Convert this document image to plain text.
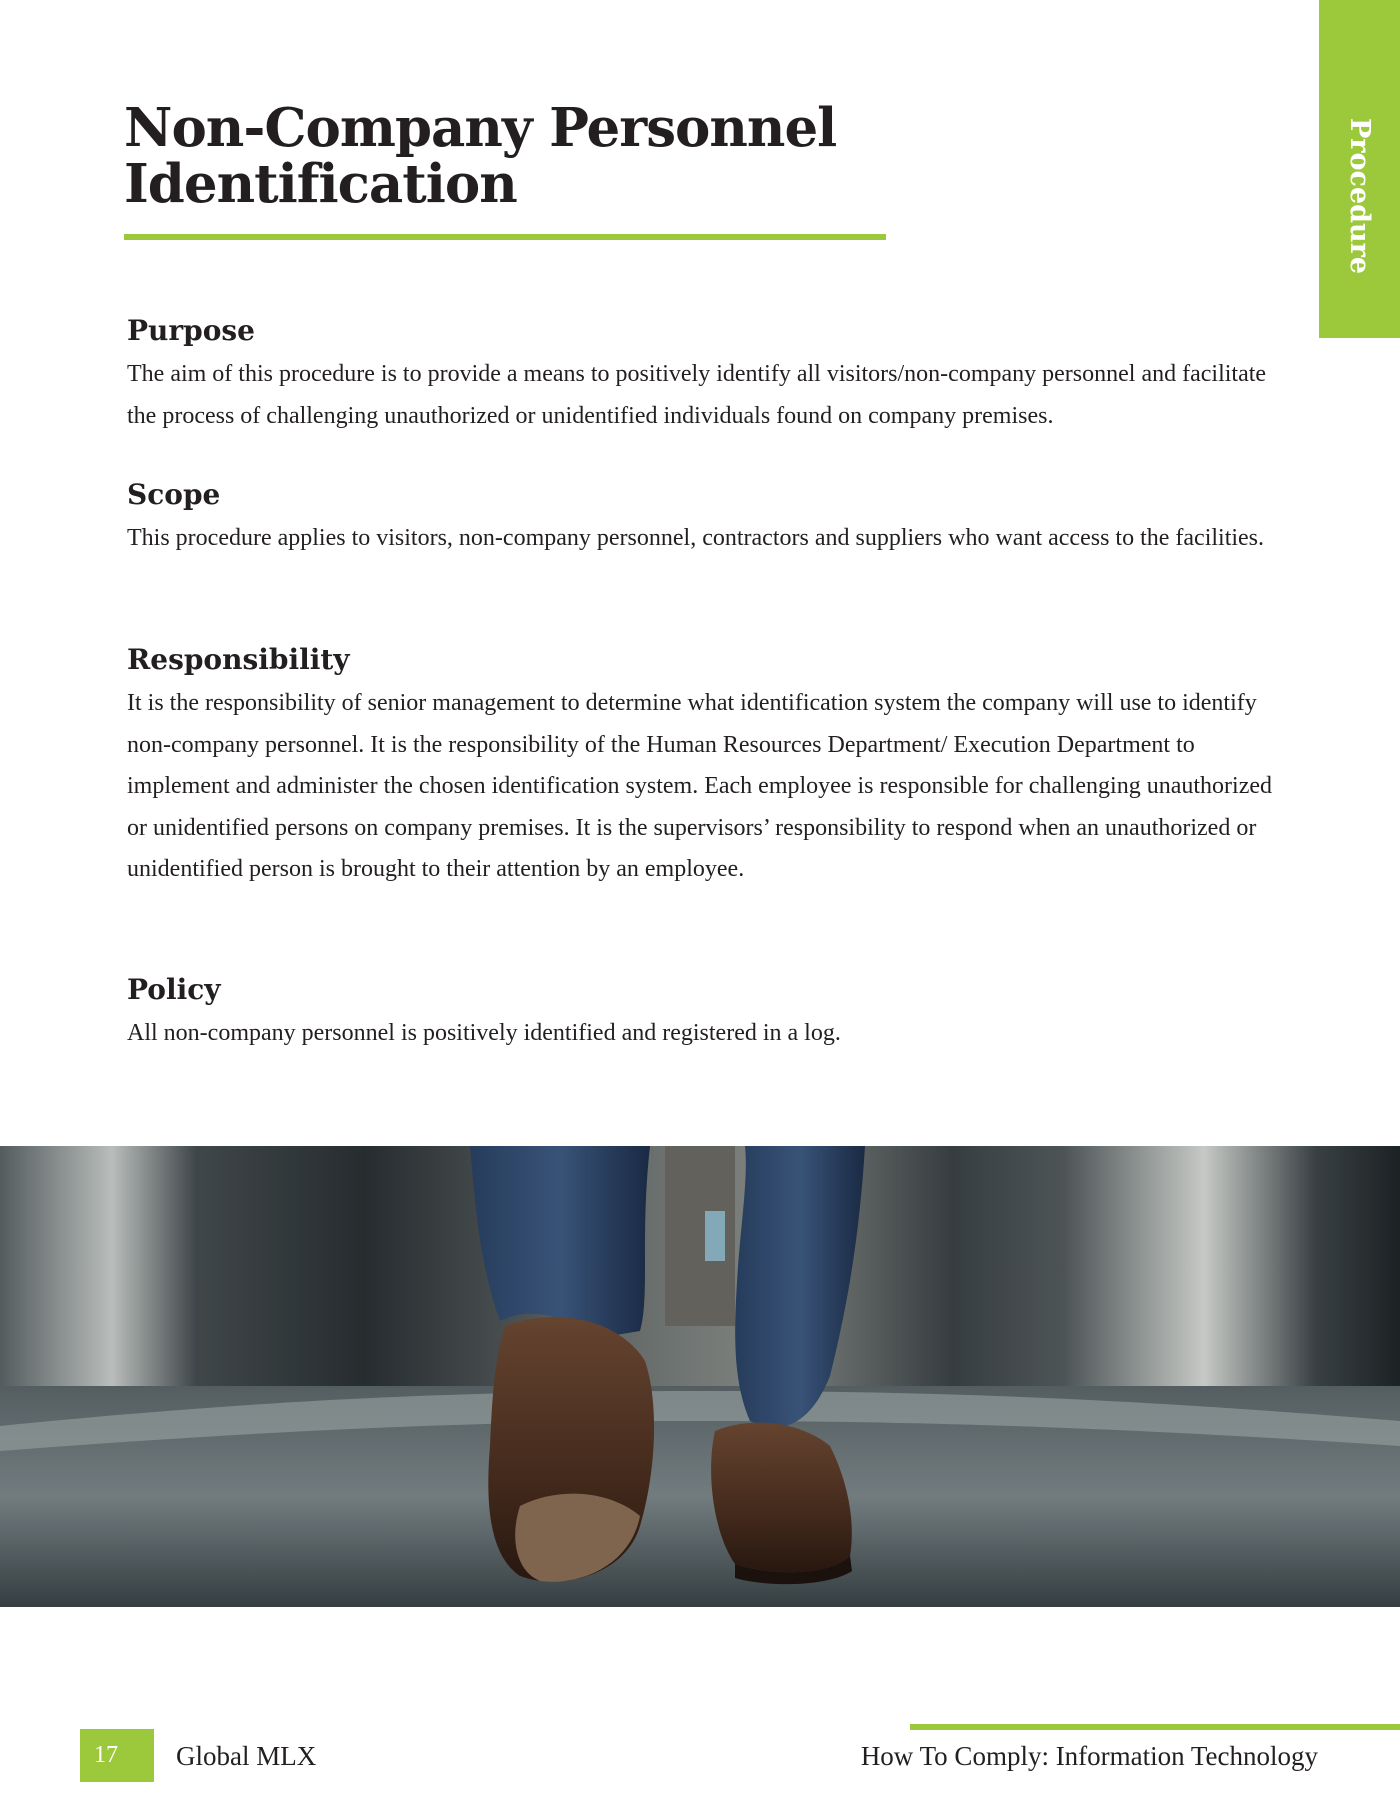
Procedure
Non-Company Personnel Identification
Purpose

The aim of this procedure is to provide a means to positively identify all visitors/non-company personnel and facilitate the process of challenging unauthorized or unidentified individuals found on company premises.

Scope

This procedure applies to visitors, non-company personnel, contractors and suppliers who want access to the facilities.

Responsibility

It is the responsibility of senior management to determine what identification system the company will use to identify non-company personnel. It is the responsibility of the Human Resources Department/ Execution Department to implement and administer the chosen identification system. Each employee is responsible for challenging unauthorized or unidentified persons on company premises. It is the supervisors’ responsibility to respond when an unauthorized or unidentified person is brought to their attention by an employee.

Policy

All non-company personnel is positively identified and registered in a log.

17	Global MLX	How To Comply: Information Technology
